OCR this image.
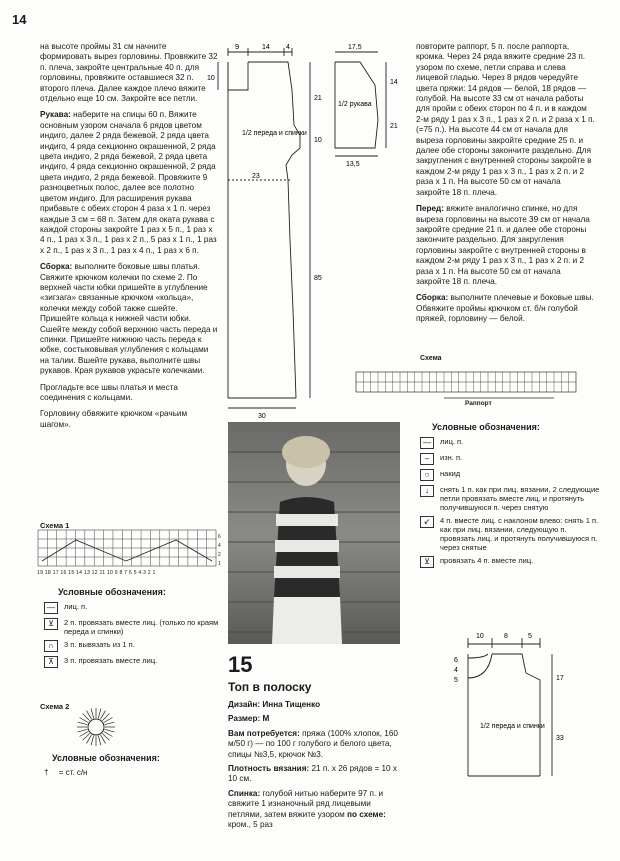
14

на высоте проймы 31 см начните формировать вырез горловины. Провяжите 32 п. плеча, закройте центральные 40 п. для горловины, провяжите оставшиеся 32 п. второго плеча. Далее каждое плечо вяжите отдельно еще 10 см. Закройте все петли.

Рукава: наберите на спицы 60 п. Вяжите основным узором сначала 6 рядов цветом индиго, далее 2 ряда бежевой, 2 ряда цвета индиго, 4 ряда секционно окрашенной, 2 ряда цвета индиго, 2 ряда бежевой, 2 ряда цвета индиго, 4 ряда секционно окрашенной, 2 ряда цвета индиго, 2 ряда бежевой. Провяжите 9 разноцветных полос, далее все полотно цветом индиго. Для расширения рукава прибавьте с обеих сторон 4 раза x 1 п. через каждые 3 см = 68 п. Затем для оката рукава с каждой стороны закройте 1 раз x 5 п., 1 раз x 4 п., 1 раз x 3 п., 1 раз x 2 п., 5 раз x 1 п., 1 раз x 2 п., 1 раз x 3 п., 1 раз x 4 п., 1 раз x 6 п.

Сборка: выполните боковые швы платья. Свяжите крючком колечки по схеме 2. По верхней части юбки пришейте в углубление «зигзага» связанные крючком «кольца», колечки между собой также сшейте. Пришейте кольца к нижней части юбки. Сшейте между собой верхнюю часть переда и спинки. Пришейте нижнюю часть переда к юбке, состыковывая углубления с кольцами на талии. Вшейте рукава, выполните швы рукавов. Края рукавов украсьте колечками.

Прогладьте все швы платья и места соединения с кольцами.

Горловину обвяжите крючком «рачьим шагом».

Схема 1
6
4
2
1
19 18 17 16 15 14 13 12 11 10 9 8 7 6 5 4 3 2 1
Условные обозначения:
—	лиц. п.
⊻	2 п. провязать вместе лиц. (только по краям переда и спинки)
∩	3 п. вывязать из 1 п.
⊼	3 п. провязать вместе лиц.
Схема 2
Условные обозначения:
† = ст. с/н
9	14 4
10
21
10
85
1/2 переда и спинки
23
30
17,5
1/2 рукава
14
21
13,5

повторите раппорт, 5 п. после раппорта, кромка. Через 24 ряда вяжите средние 23 п. узором по схеме, петли справа и слева лицевой гладью. Через 8 рядов чередуйте цвета пряжи: 14 рядов — белой, 18 рядов — голубой. На высоте 33 см от начала работы для пройм с обеих сторон по 4 п. и в каждом 2-м ряду 1 раз x 3 п., 1 раз x 2 п. и 2 раза x 1 п. (=75 п.). На высоте 44 см от начала для выреза горловины закройте средние 25 п. и далее обе стороны закончите раздельно. Для закругления с внутренней стороны закройте в каждом 2-м ряду 1 раз x 3 п., 1 раз x 2 п. и 2 раза x 1 п. На высоте 50 см от начала закройте 18 п. плеча.

Перед: вяжите аналогично спинке, но для выреза горловины на высоте 39 см от начала закройте средние 21 п. и далее обе стороны закончите раздельно. Для закругления горловины закройте с внутренней стороны в каждом 2-м ряду 1 раз x 3 п., 1 раз x 2 п. и 2 раза x 1 п. На высоте 50 см от начала закройте 18 п. плеча.

Сборка: выполните плечевые и боковые швы. Обвяжите проймы крючком ст. б/н голубой пряжей, горловину — белой.

Схема
Раппорт
Условные обозначения:
—	лиц. п.
–	изн. п.
○	накид
↓	снять 1 п. как при лиц. вязании, 2 следующие петли провязать вместе лиц. и протянуть получившуюся п. через снятую
↙	4 п. вместе лиц. с наклоном влево: снять 1 п. как при лиц. вязании, следующую п. провязать лиц. и протянуть получившуюся п. через снятые
⊻	провязать 4 п. вместе лиц.
15
Топ в полоску

Дизайн: Инна Тищенко

Размер: M

Вам потребуется: пряжа (100% хлопок, 160 м/50 г) — по 100 г голубого и белого цвета, спицы №3,5, крючок №3.

Плотность вязания: 21 п. x 26 рядов = 10 x 10 см.

Спинка: голубой нитью наберите 97 п. и свяжите 1 изнаночный ряд лицевыми петлями, затем вяжите узором по схеме: кром., 5 раз

10	8	5
6
4
5	17
33
1/2 переда и спинки
